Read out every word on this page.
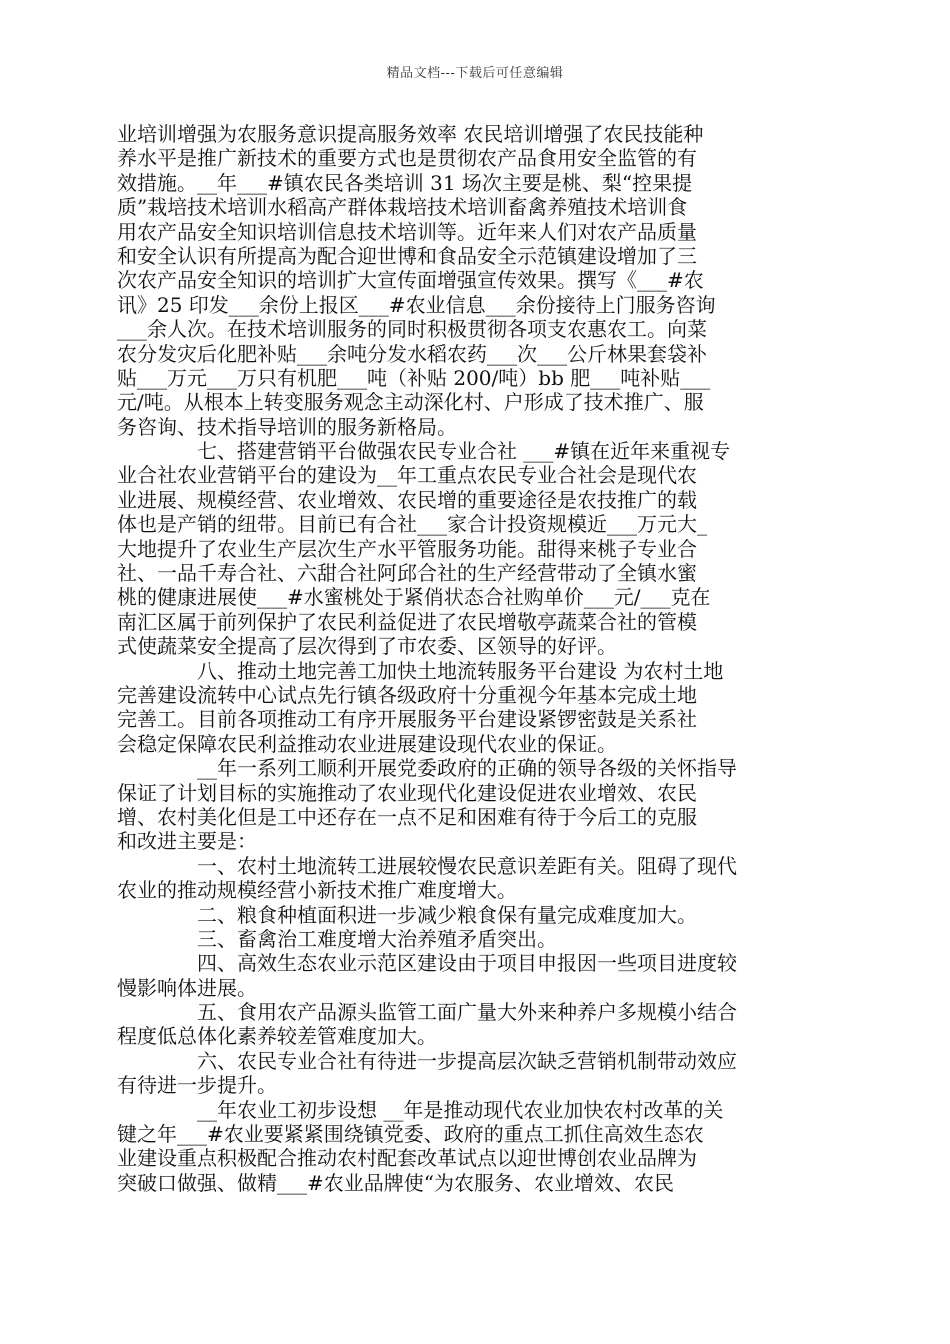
精品文档---下载后可任意编辑
业培训增强为农服务意识提高服务效率 农民培训增强了农民技能种
养水平是推广新技术的重要方式也是贯彻农产品食用安全监管的有
效措施。__年___#镇农民各类培训 31 场次主要是桃、梨“控果提
质”栽培技术培训水稻高产群体栽培技术培训畜禽养殖技术培训食
用农产品安全知识培训信息技术培训等。近年来人们对农产品质量
和安全认识有所提高为配合迎世博和食品安全示范镇建设增加了三
次农产品安全知识的培训扩大宣传面增强宣传效果。撰写《___#农
讯》25 印发___余份上报区___#农业信息___余份接待上门服务咨询
___余人次。在技术培训服务的同时积极贯彻各项支农惠农工。向菜
农分发灾后化肥补贴___余吨分发水稻农药___次___公斤林果套袋补
贴___万元___万只有机肥___吨（补贴 200/吨）bb 肥___吨补贴___
元/吨。从根本上转变服务观念主动深化村、户形成了技术推广、服
务咨询、技术指导培训的服务新格局。
七、搭建营销平台做强农民专业合社 ___#镇在近年来重视专
业合社农业营销平台的建设为__年工重点农民专业合社会是现代农
业进展、规模经营、农业增效、农民增的重要途径是农技推广的载
体也是产销的纽带。目前已有合社___家合计投资规模近___万元大_
大地提升了农业生产层次生产水平管服务功能。甜得来桃子专业合
社、一品千寿合社、六甜合社阿邱合社的生产经营带动了全镇水蜜
桃的健康进展使___#水蜜桃处于紧俏状态合社购单价___元/___克在
南汇区属于前列保护了农民利益促进了农民增敬亭蔬菜合社的管模
式使蔬菜安全提高了层次得到了市农委、区领导的好评。
八、推动土地完善工加快土地流转服务平台建设 为农村土地
完善建设流转中心试点先行镇各级政府十分重视今年基本完成土地
完善工。目前各项推动工有序开展服务平台建设紧锣密鼓是关系社
会稳定保障农民利益推动农业进展建设现代农业的保证。
__年一系列工顺利开展党委政府的正确的领导各级的关怀指导
保证了计划目标的实施推动了农业现代化建设促进农业增效、农民
增、农村美化但是工中还存在一点不足和困难有待于今后工的克服
和改进主要是：
一、农村土地流转工进展较慢农民意识差距有关。阻碍了现代
农业的推动规模经营小新技术推广难度增大。
二、粮食种植面积进一步减少粮食保有量完成难度加大。
三、畜禽治工难度增大治养殖矛盾突出。
四、高效生态农业示范区建设由于项目申报因一些项目进度较
慢影响体进展。
五、食用农产品源头监管工面广量大外来种养户多规模小结合
程度低总体化素养较差管难度加大。
六、农民专业合社有待进一步提高层次缺乏营销机制带动效应
有待进一步提升。
__年农业工初步设想 __年是推动现代农业加快农村改革的关
键之年___#农业要紧紧围绕镇党委、政府的重点工抓住高效生态农
业建设重点积极配合推动农村配套改革试点以迎世博创农业品牌为
突破口做强、做精___#农业品牌使“为农服务、农业增效、农民
